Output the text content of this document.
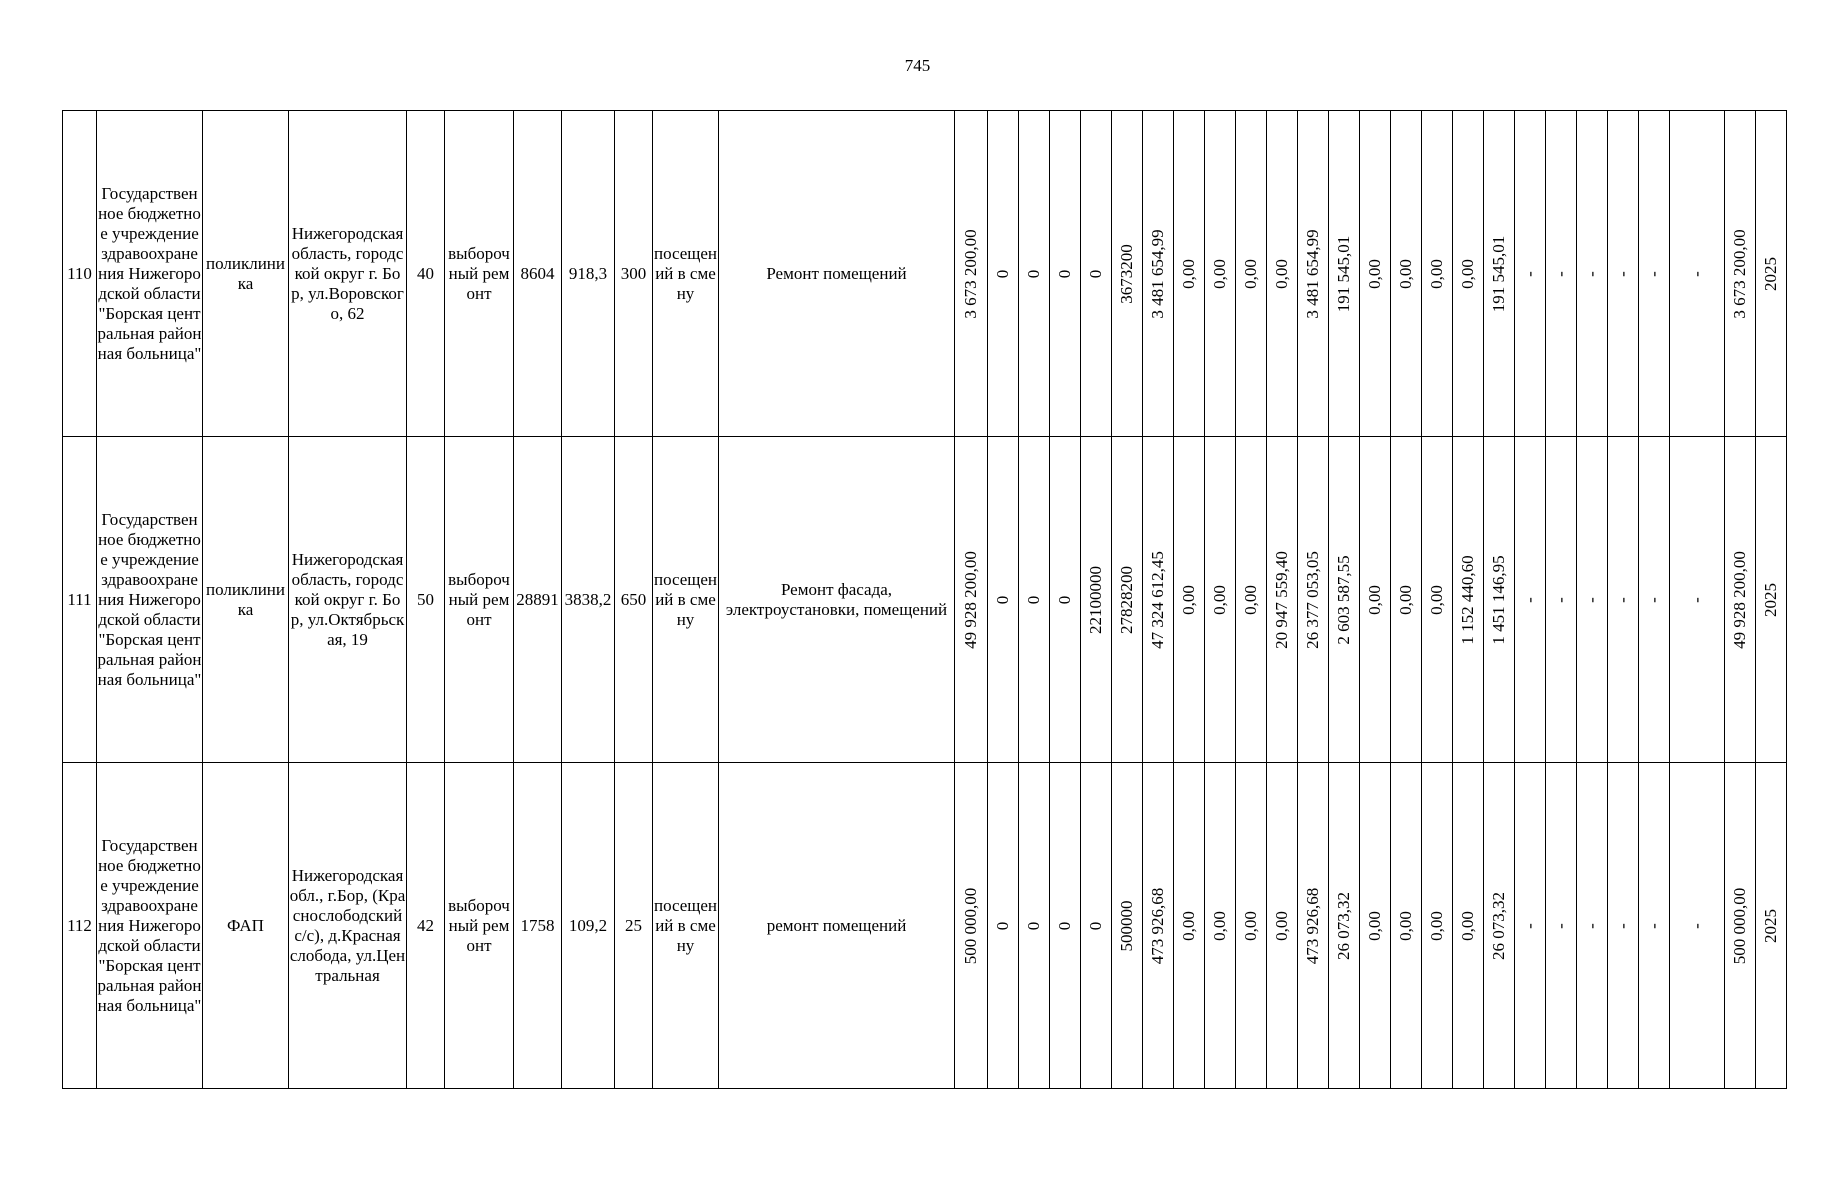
745
110	Государственное бюджетное учреждение здравоохранения Нижегородской области "Борская центральная районная больница"	поликлиника	Нижегородская область, городской округ г. Бор, ул.Воровского, 62	40	выборочный ремонт	8604	918,3	300	посещений в смену	Ремонт помещений	3 673 200,00	0	0	0	0	3673200	3 481 654,99	0,00	0,00	0,00	0,00	3 481 654,99	191 545,01	0,00	0,00	0,00	0,00	191 545,01	-	-	-	-	-	-	3 673 200,00	2025

111	Государственное бюджетное учреждение здравоохранения Нижегородской области "Борская центральная районная больница"	поликлиника	Нижегородская область, городской округ г. Бор, ул.Октябрьская, 19	50	выборочный ремонт	28891	3838,2	650	посещений в смену	Ремонт фасада, электроустановки, помещений	49 928 200,00	0	0	0	22100000	27828200	47 324 612,45	0,00	0,00	0,00	20 947 559,40	26 377 053,05	2 603 587,55	0,00	0,00	0,00	1 152 440,60	1 451 146,95	-	-	-	-	-	-	49 928 200,00	2025

112	Государственное бюджетное учреждение здравоохранения Нижегородской области "Борская центральная районная больница"	ФАП	Нижегородская обл., г.Бор, (Краснослободский с/с), д.Красная слобода, ул.Центральная	42	выборочный ремонт	1758	109,2	25	посещений в смену	ремонт помещений	500 000,00	0	0	0	0	500000	473 926,68	0,00	0,00	0,00	0,00	473 926,68	26 073,32	0,00	0,00	0,00	0,00	26 073,32	-	-	-	-	-	-	500 000,00	2025
